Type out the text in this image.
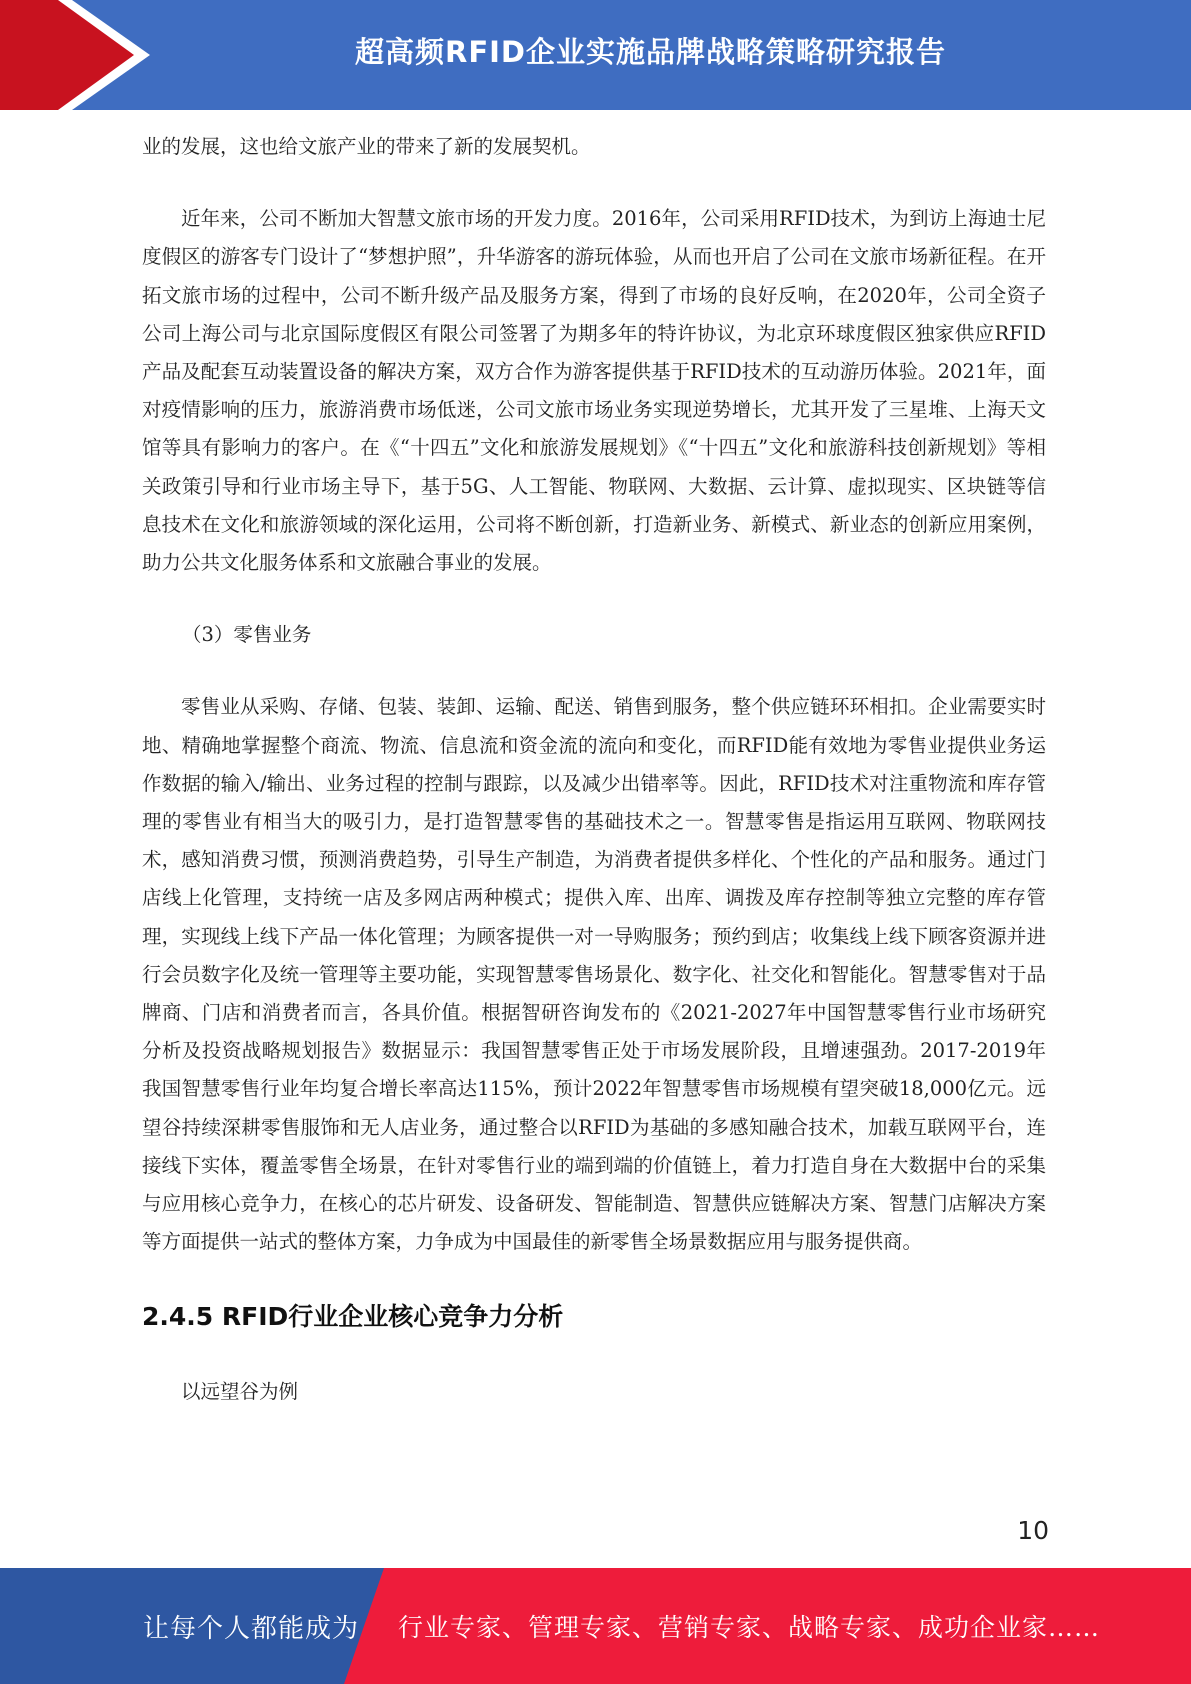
超高频RFID企业实施品牌战略策略研究报告

业的发展，这也给文旅产业的带来了新的发展契机。

近年来，公司不断加大智慧文旅市场的开发力度。2016年，公司采用RFID技术，为到访上海迪士尼度假区的游客专门设计了“梦想护照”，升华游客的游玩体验，从而也开启了公司在文旅市场新征程。在开拓文旅市场的过程中，公司不断升级产品及服务方案，得到了市场的良好反响，在2020年，公司全资子公司上海公司与北京国际度假区有限公司签署了为期多年的特许协议，为北京环球度假区独家供应RFID产品及配套互动装置设备的解决方案，双方合作为游客提供基于RFID技术的互动游历体验。2021年，面对疫情影响的压力，旅游消费市场低迷，公司文旅市场业务实现逆势增长，尤其开发了三星堆、上海天文馆等具有影响力的客户。在《“十四五”文化和旅游发展规划》《“十四五”文化和旅游科技创新规划》等相关政策引导和行业市场主导下，基于5G、人工智能、物联网、大数据、云计算、虚拟现实、区块链等信息技术在文化和旅游领域的深化运用，公司将不断创新，打造新业务、新模式、新业态的创新应用案例，助力公共文化服务体系和文旅融合事业的发展。

（3）零售业务

零售业从采购、存储、包装、装卸、运输、配送、销售到服务，整个供应链环环相扣。企业需要实时地、精确地掌握整个商流、物流、信息流和资金流的流向和变化，而RFID能有效地为零售业提供业务运作数据的输入/输出、业务过程的控制与跟踪，以及减少出错率等。因此，RFID技术对注重物流和库存管理的零售业有相当大的吸引力，是打造智慧零售的基础技术之一。智慧零售是指运用互联网、物联网技术，感知消费习惯，预测消费趋势，引导生产制造，为消费者提供多样化、个性化的产品和服务。通过门店线上化管理，支持统一店及多网店两种模式；提供入库、出库、调拨及库存控制等独立完整的库存管理，实现线上线下产品一体化管理；为顾客提供一对一导购服务；预约到店；收集线上线下顾客资源并进行会员数字化及统一管理等主要功能，实现智慧零售场景化、数字化、社交化和智能化。智慧零售对于品牌商、门店和消费者而言，各具价值。根据智研咨询发布的《2021-2027年中国智慧零售行业市场研究分析及投资战略规划报告》数据显示：我国智慧零售正处于市场发展阶段，且增速强劲。2017-2019年我国智慧零售行业年均复合增长率高达115%，预计2022年智慧零售市场规模有望突破18,000亿元。远望谷持续深耕零售服饰和无人店业务，通过整合以RFID为基础的多感知融合技术，加载互联网平台，连接线下实体，覆盖零售全场景，在针对零售行业的端到端的价值链上，着力打造自身在大数据中台的采集与应用核心竞争力，在核心的芯片研发、设备研发、智能制造、智慧供应链解决方案、智慧门店解决方案等方面提供一站式的整体方案，力争成为中国最佳的新零售全场景数据应用与服务提供商。

2.4.5 RFID行业企业核心竞争力分析

以远望谷为例

10
让每个人都能成为 行业专家、管理专家、营销专家、战略专家、成功企业家……
